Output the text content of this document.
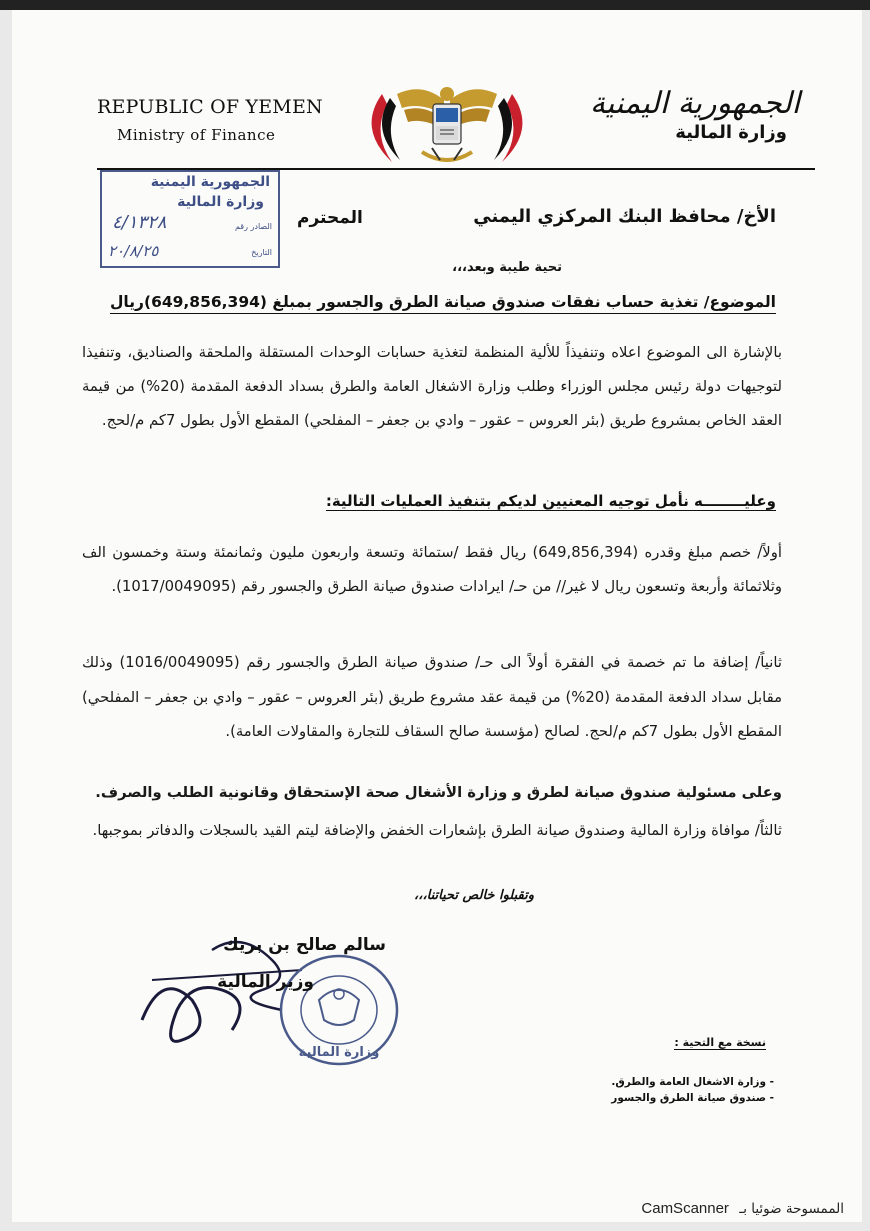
REPUBLIC OF YEMEN
Ministry of Finance
الجمهورية اليمنية
وزارة المالية
الجمهورية اليمنية
وزارة المالية
الصادر رقم
٤/١٣٢٨
التاريخ
٢٠/٨/٢٥
الأخ/ محافظ البنك المركزي اليمني
المحترم
تحية طيبة وبعد،،،
الموضوع/ تغذية حساب نفقات صندوق صيانة الطرق والجسور بمبلغ (649,856,394)ريال
بالإشارة الى الموضوع اعلاه وتنفيذاً للألية المنظمة لتغذية حسابات الوحدات المستقلة والملحقة والصناديق، وتنفيذا لتوجيهات دولة رئيس مجلس الوزراء وطلب وزارة الاشغال العامة والطرق بسداد الدفعة المقدمة (20%) من قيمة العقد الخاص بمشروع طريق (بئر العروس – عقور – وادي بن جعفر – المفلحي) المقطع الأول بطول 7كم م/لحج.
وعليــــــــه نأمل توجيه المعنيين لديكم بتنفيذ العمليات التالية:
أولاً/ خصم مبلغ وقدره (649,856,394) ريال فقط /ستمائة وتسعة واربعون مليون وثمانمئة وستة وخمسون الف وثلاثمائة وأربعة وتسعون ريال لا غير// من حـ/ ايرادات صندوق صيانة الطرق والجسور رقم (1017/0049095).
ثانياً/ إضافة ما تم خصمة في الفقرة أولاً الى حـ/ صندوق صيانة الطرق والجسور رقم (1016/0049095) وذلك مقابل سداد الدفعة المقدمة (20%) من قيمة عقد مشروع طريق (بئر العروس – عقور – وادي بن جعفر – المفلحي) المقطع الأول بطول 7كم م/لحج. لصالح (مؤسسة صالح السقاف للتجارة والمقاولات العامة).
وعلى مسئولية صندوق صيانة لطرق و وزارة الأشغال صحة الإستحقاق وقانونية الطلب والصرف.
ثالثاً/ موافاة وزارة المالية وصندوق صيانة الطرق بإشعارات الخفض والإضافة ليتم القيد بالسجلات والدفاتر بموجبها.
وتقبلوا خالص تحياتنا،،،
وزارة المالية
سالم صالح بن بريك
وزير المالية
نسخة مع التحية :
- وزارة الاشغال العامة والطرق.
- صندوق صيانة الطرق والجسور
CamScanner الممسوحة ضوئيا بـ
